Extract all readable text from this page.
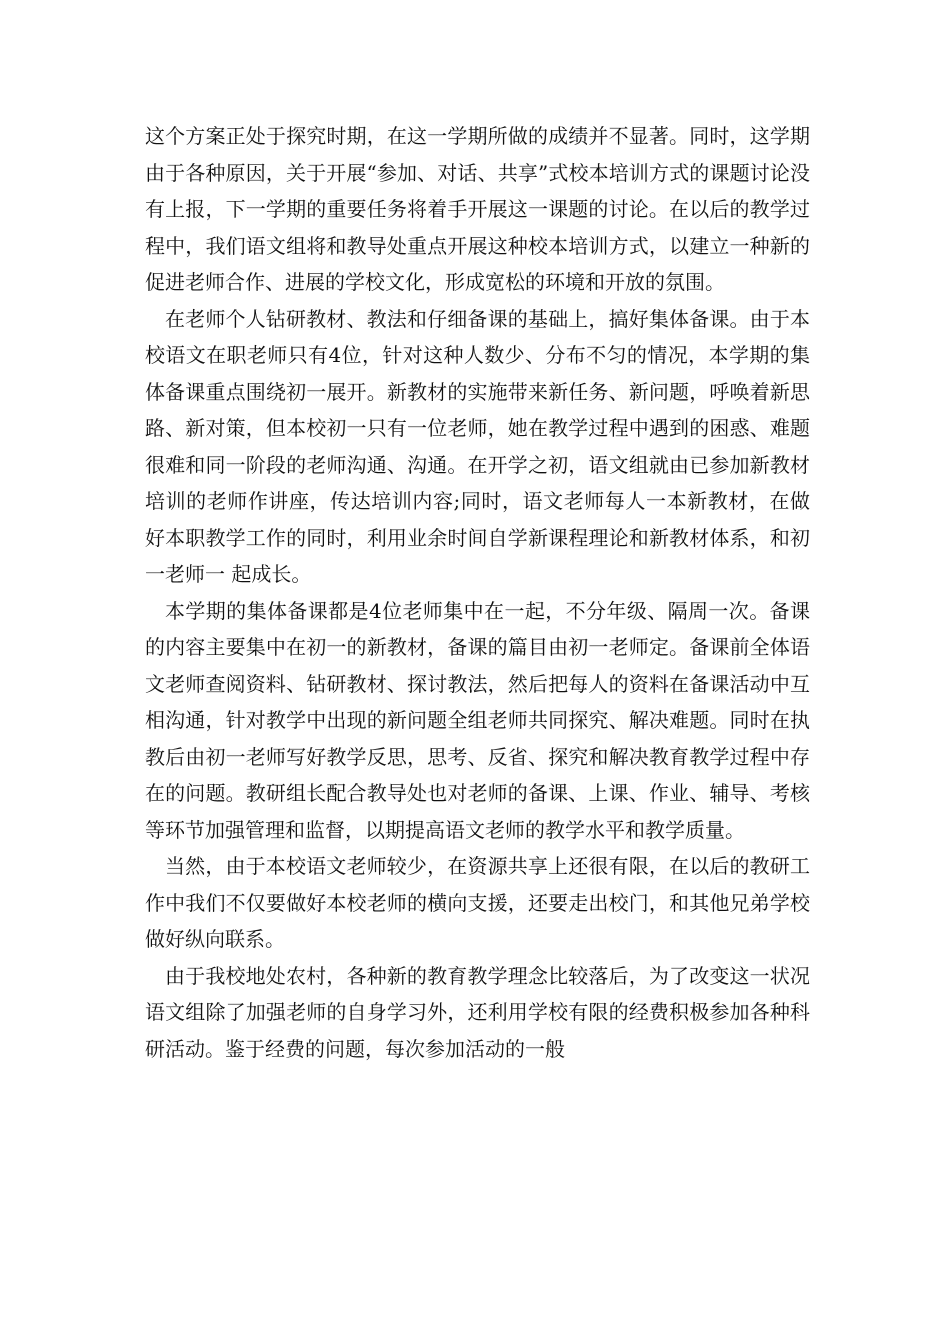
这个方案正处于探究时期，在这一学期所做的成绩并不显著。同时，这学期由于各种原因，关于开展“参加、对话、共享”式校本培训方式的课题讨论没有上报，下一学期的重要任务将着手开展这一课题的讨论。在以后的教学过程中，我们语文组将和教导处重点开展这种校本培训方式，以建立一种新的促进老师合作、进展的学校文化，形成宽松的环境和开放的氛围。

在老师个人钻研教材、教法和仔细备课的基础上，搞好集体备课。由于本校语文在职老师只有4位，针对这种人数少、分布不匀的情况，本学期的集体备课重点围绕初一展开。新教材的实施带来新任务、新问题，呼唤着新思路、新对策，但本校初一只有一位老师，她在教学过程中遇到的困惑、难题很难和同一阶段的老师沟通、沟通。在开学之初，语文组就由已参加新教材培训的老师作讲座，传达培训内容;同时，语文老师每人一本新教材，在做好本职教学工作的同时，利用业余时间自学新课程理论和新教材体系，和初一老师一 起成长。

本学期的集体备课都是4位老师集中在一起，不分年级、隔周一次。备课的内容主要集中在初一的新教材，备课的篇目由初一老师定。备课前全体语文老师查阅资料、钻研教材、探讨教法，然后把每人的资料在备课活动中互相沟通，针对教学中出现的新问题全组老师共同探究、解决难题。同时在执教后由初一老师写好教学反思，思考、反省、探究和解决教育教学过程中存在的问题。教研组长配合教导处也对老师的备课、上课、作业、辅导、考核等环节加强管理和监督，以期提高语文老师的教学水平和教学质量。

当然，由于本校语文老师较少，在资源共享上还很有限，在以后的教研工作中我们不仅要做好本校老师的横向支援，还要走出校门，和其他兄弟学校做好纵向联系。

由于我校地处农村，各种新的教育教学理念比较落后，为了改变这一状况语文组除了加强老师的自身学习外，还利用学校有限的经费积极参加各种科研活动。鉴于经费的问题，每次参加活动的一般
